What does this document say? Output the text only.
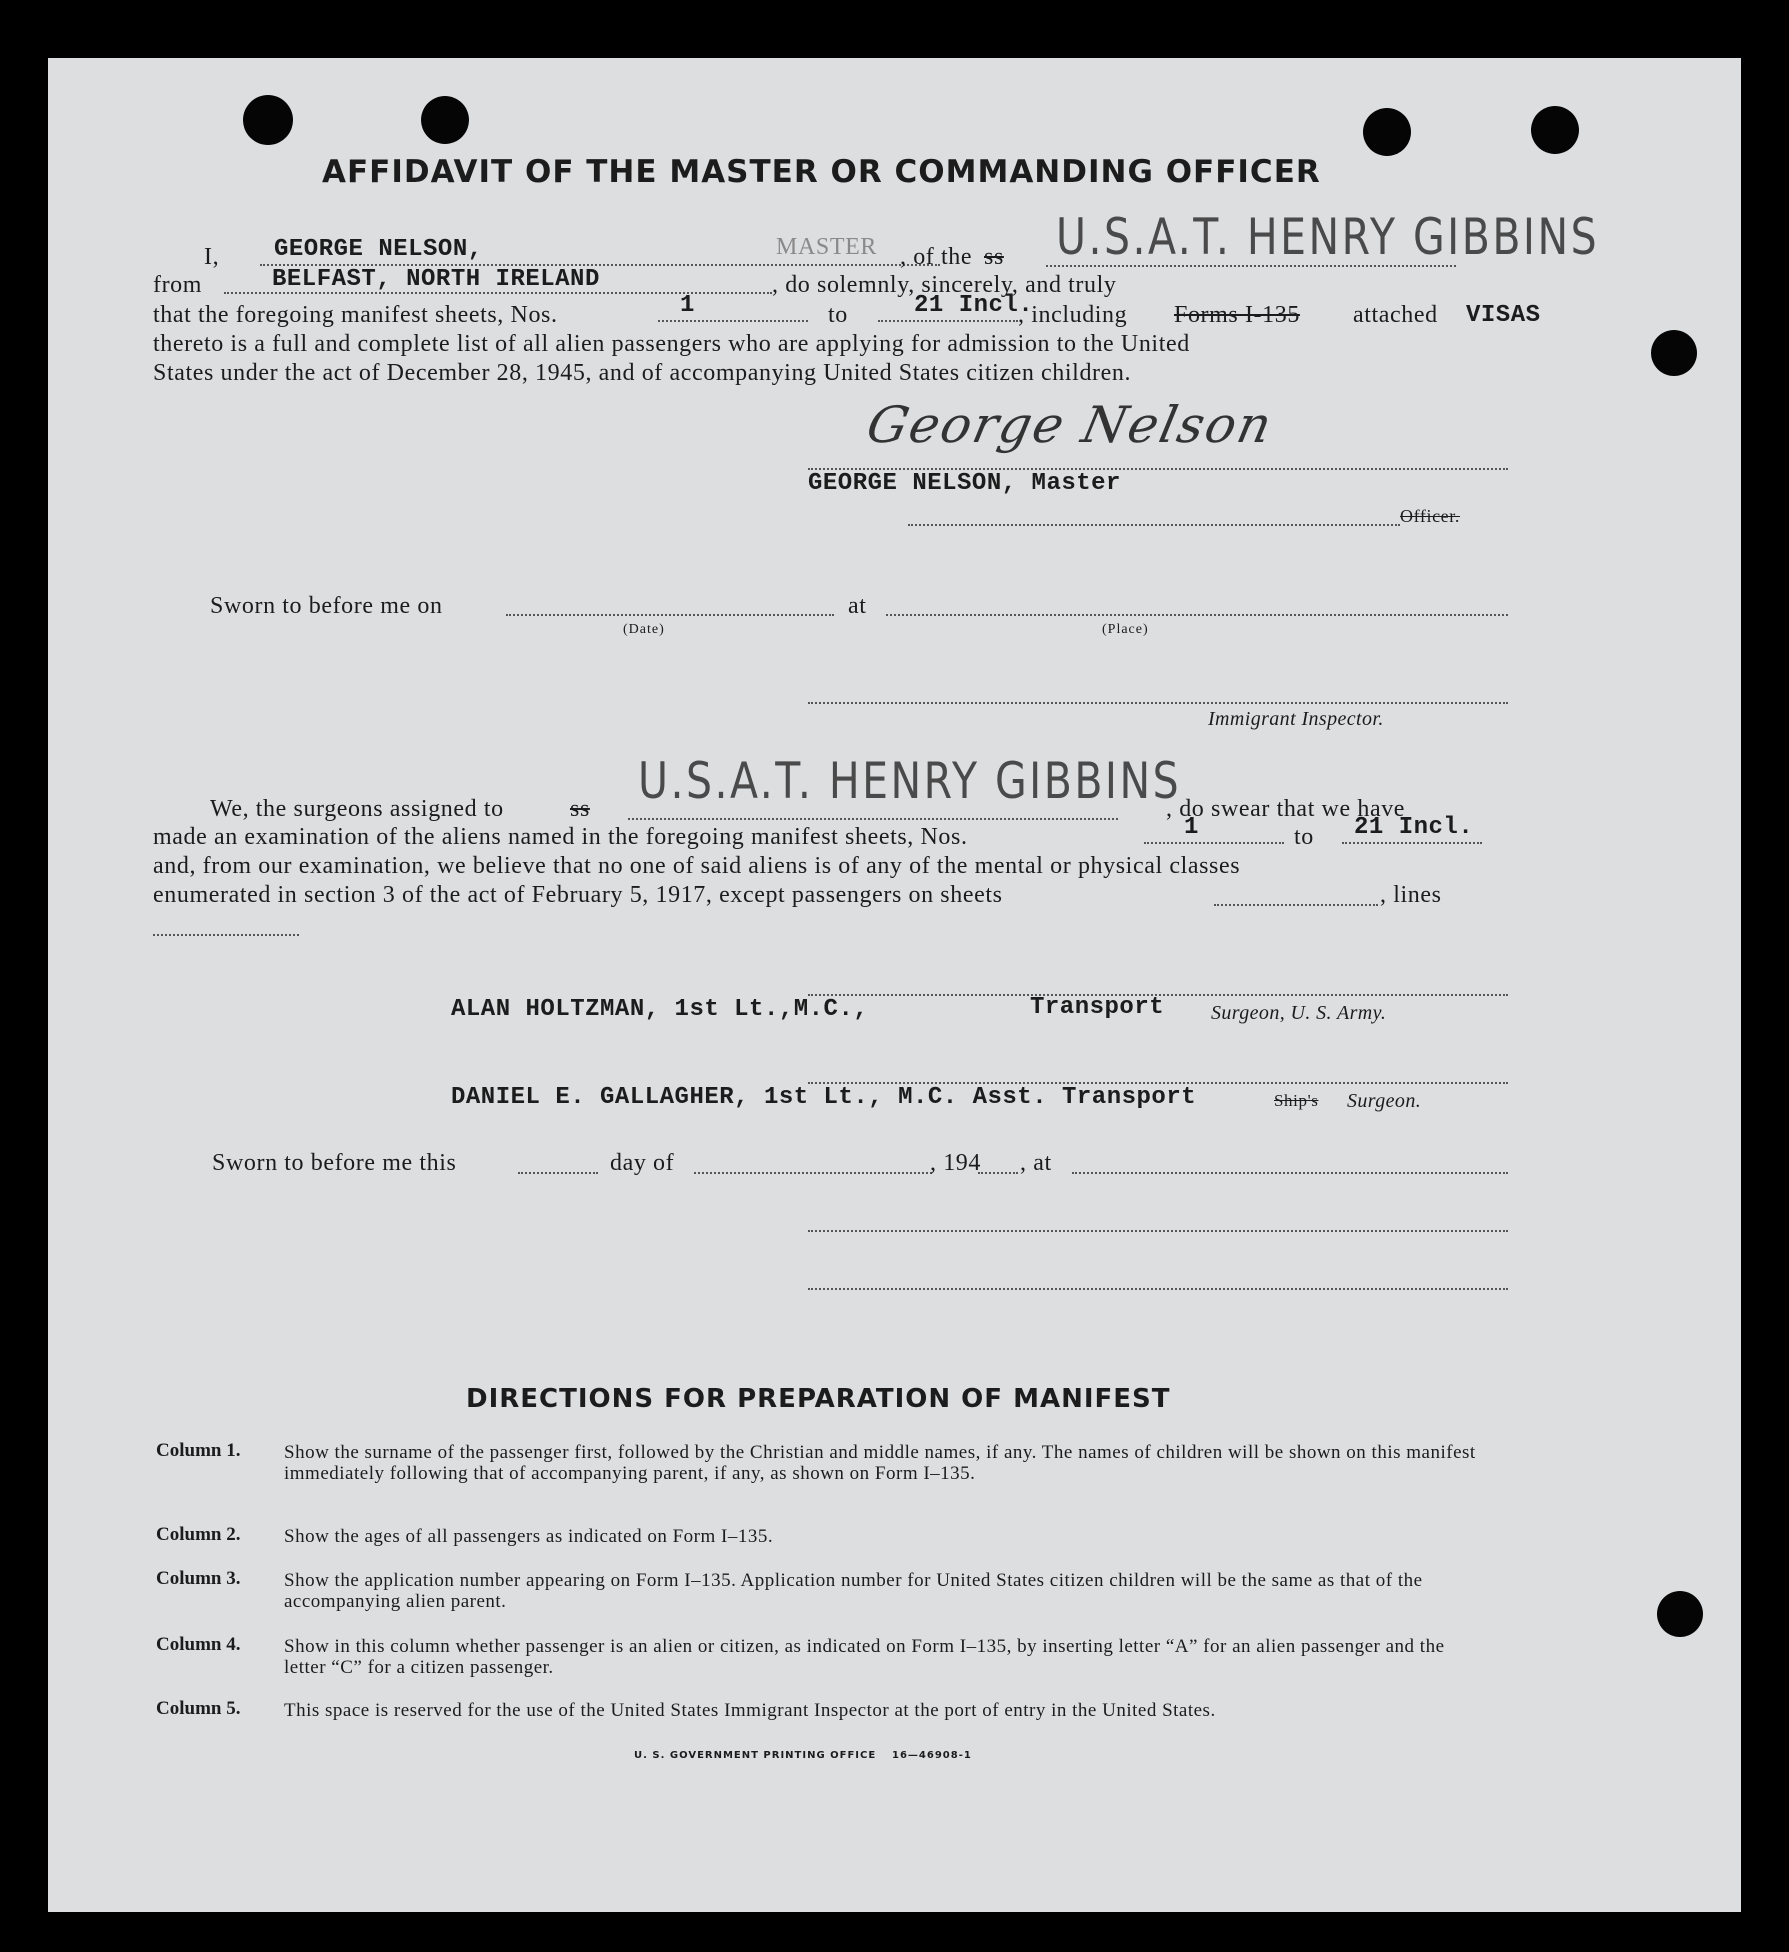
AFFIDAVIT OF THE MASTER OR COMMANDING OFFICER
I, GEORGE NELSON,	MASTER , of the ss U.S.A.T. HENRY GIBBINS
from	BELFAST, NORTH IRELAND	, do solemnly, sincerely, and truly
that the foregoing manifest sheets, Nos.	1	to	21 Incl.
, including Forms I-135 attached VISAS
thereto is a full and complete list of all alien passengers who are applying for admission to the United
States under the act of December 28, 1945, and of accompanying United States citizen children.
George Nelson
GEORGE NELSON, Master
Officer.
Sworn to before me on
(Date)
at
(Place)
Immigrant Inspector.
We, the surgeons assigned to	ss U.S.A.T. HENRY GIBBINS
, do swear that we have
made an examination of the aliens named in the foregoing manifest sheets, Nos.	1	to 21 Incl.
and, from our examination, we believe that no one of said aliens is of any of the mental or physical classes
enumerated in section 3 of the act of February 5, 1917, except passengers on sheets	, lines
ALAN HOLTZMAN, 1st Lt.,M.C.,	Transport Surgeon, U. S. Army.
DANIEL E. GALLAGHER, 1st Lt., M.C. Asst. Transport	Ship's Surgeon.
Sworn to before me this	day of	, 194 , at
DIRECTIONS FOR PREPARATION OF MANIFEST
Column 1. Show the surname of the passenger first, followed by the Christian and middle names, if any. The names of children will be shown on this manifest immediately following that of accompanying parent, if any, as shown on Form I–135.
Column 2. Show the ages of all passengers as indicated on Form I–135.
Column 3. Show the application number appearing on Form I–135. Application number for United States citizen children will be the same as that of the accompanying alien parent.
Column 4. Show in this column whether passenger is an alien or citizen, as indicated on Form I–135, by inserting letter “A” for an alien passenger and the letter “C” for a citizen passenger.
Column 5. This space is reserved for the use of the United States Immigrant Inspector at the port of entry in the United States.
U. S. GOVERNMENT PRINTING OFFICE 16—46908-1
